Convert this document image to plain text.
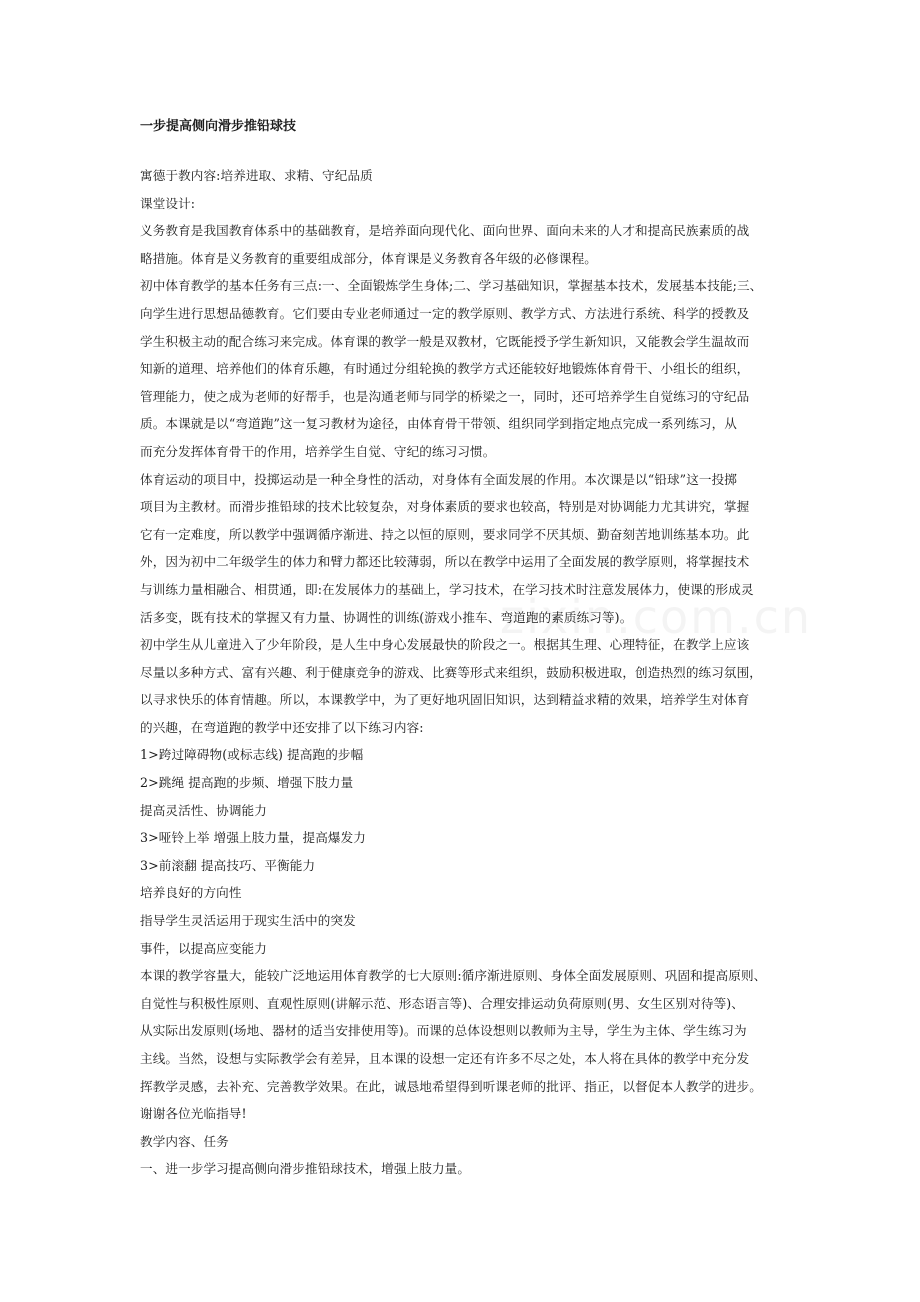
一步提高侧向滑步推铅球技
zixin.com.cn
寓德于教内容:培养进取、求精、守纪品质
课堂设计:
义务教育是我国教育体系中的基础教育，是培养面向现代化、面向世界、面向未来的人才和提高民族素质的战
略措施。体育是义务教育的重要组成部分，体育课是义务教育各年级的必修课程。
初中体育教学的基本任务有三点:一、全面锻炼学生身体;二、学习基础知识，掌握基本技术，发展基本技能;三、
向学生进行思想品德教育。它们要由专业老师通过一定的教学原则、教学方式、方法进行系统、科学的授教及
学生积极主动的配合练习来完成。体育课的教学一般是双教材，它既能授予学生新知识，又能教会学生温故而
知新的道理、培养他们的体育乐趣，有时通过分组轮换的教学方式还能较好地锻炼体育骨干、小组长的组织，
管理能力，使之成为老师的好帮手，也是沟通老师与同学的桥梁之一，同时，还可培养学生自觉练习的守纪品
质。本课就是以“弯道跑”这一复习教材为途径，由体育骨干带领、组织同学到指定地点完成一系列练习，从
而充分发挥体育骨干的作用，培养学生自觉、守纪的练习习惯。
体育运动的项目中，投掷运动是一种全身性的活动，对身体有全面发展的作用。本次课是以“铅球”这一投掷
项目为主教材。而滑步推铅球的技术比较复杂，对身体素质的要求也较高，特别是对协调能力尤其讲究，掌握
它有一定难度，所以教学中强调循序渐进、持之以恒的原则，要求同学不厌其烦、勤奋刻苦地训练基本功。此
外，因为初中二年级学生的体力和臂力都还比较薄弱，所以在教学中运用了全面发展的教学原则，将掌握技术
与训练力量相融合、相贯通，即:在发展体力的基础上，学习技术，在学习技术时注意发展体力，使课的形成灵
活多变，既有技术的掌握又有力量、协调性的训练(游戏小推车、弯道跑的素质练习等)。
初中学生从儿童进入了少年阶段，是人生中身心发展最快的阶段之一。根据其生理、心理特征，在教学上应该
尽量以多种方式、富有兴趣、利于健康竞争的游戏、比赛等形式来组织，鼓励积极进取，创造热烈的练习氛围，
以寻求快乐的体育情趣。所以，本课教学中，为了更好地巩固旧知识，达到精益求精的效果，培养学生对体育
的兴趣，在弯道跑的教学中还安排了以下练习内容:
1>跨过障碍物(或标志线) 提高跑的步幅
2>跳绳 提高跑的步频、增强下肢力量
提高灵活性、协调能力
3>哑铃上举 增强上肢力量，提高爆发力
3>前滚翻 提高技巧、平衡能力
培养良好的方向性
指导学生灵活运用于现实生活中的突发
事件，以提高应变能力
本课的教学容量大，能较广泛地运用体育教学的七大原则:循序渐进原则、身体全面发展原则、巩固和提高原则、
自觉性与积极性原则、直观性原则(讲解示范、形态语言等)、合理安排运动负荷原则(男、女生区别对待等)、
从实际出发原则(场地、器材的适当安排使用等)。而课的总体设想则以教师为主导，学生为主体、学生练习为
主线。当然，设想与实际教学会有差异，且本课的设想一定还有许多不尽之处，本人将在具体的教学中充分发
挥教学灵感，去补充、完善教学效果。在此，诚恳地希望得到听课老师的批评、指正，以督促本人教学的进步。
谢谢各位光临指导!
教学内容、任务
一、进一步学习提高侧向滑步推铅球技术，增强上肢力量。
